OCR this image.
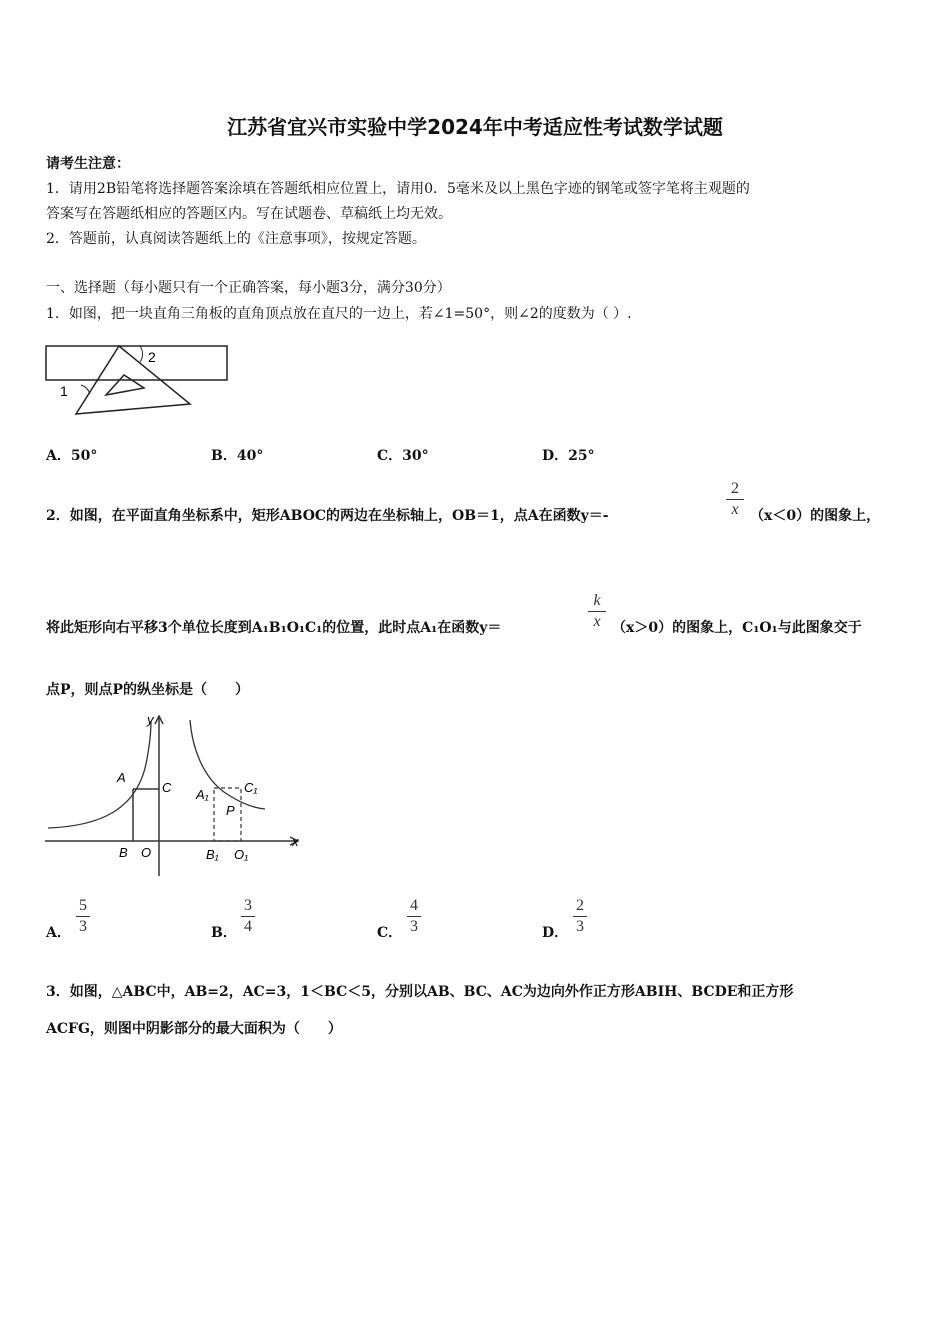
江苏省宜兴市实验中学2024年中考适应性考试数学试题
请考生注意：
1．请用2B铅笔将选择题答案涂填在答题纸相应位置上，请用0．5毫米及以上黑色字迹的钢笔或签字笔将主观题的
答案写在答题纸相应的答题区内。写在试题卷、草稿纸上均无效。
2．答题前，认真阅读答题纸上的《注意事项》，按规定答题。
一、选择题（每小题只有一个正确答案，每小题3分，满分30分）
1．如图，把一块直角三角板的直角顶点放在直尺的一边上，若∠1=50°，则∠2的度数为（ ）.
1
2
A．50°	B．40°	C．30°	D．25°
2．如图，在平面直角坐标系中，矩形ABOC的两边在坐标轴上，OB＝1，点A在函数y＝-
2
x （x＜0）的图象上，
将此矩形向右平移3个单位长度到A₁B₁O₁C₁的位置，此时点A₁在函数y＝
k
x （x＞0）的图象上，C₁O₁与此图象交于
点P，则点P的纵坐标是（　　）
y
x
A
C
B O
A₁	C₁
P
B₁ O₁
A．
5
3	B．
3
4	C．
4
3	D．
2
3
3．如图，△ABC中，AB=2，AC=3，1＜BC＜5，分别以AB、BC、AC为边向外作正方形ABIH、BCDE和正方形
ACFG，则图中阴影部分的最大面积为（　　）
